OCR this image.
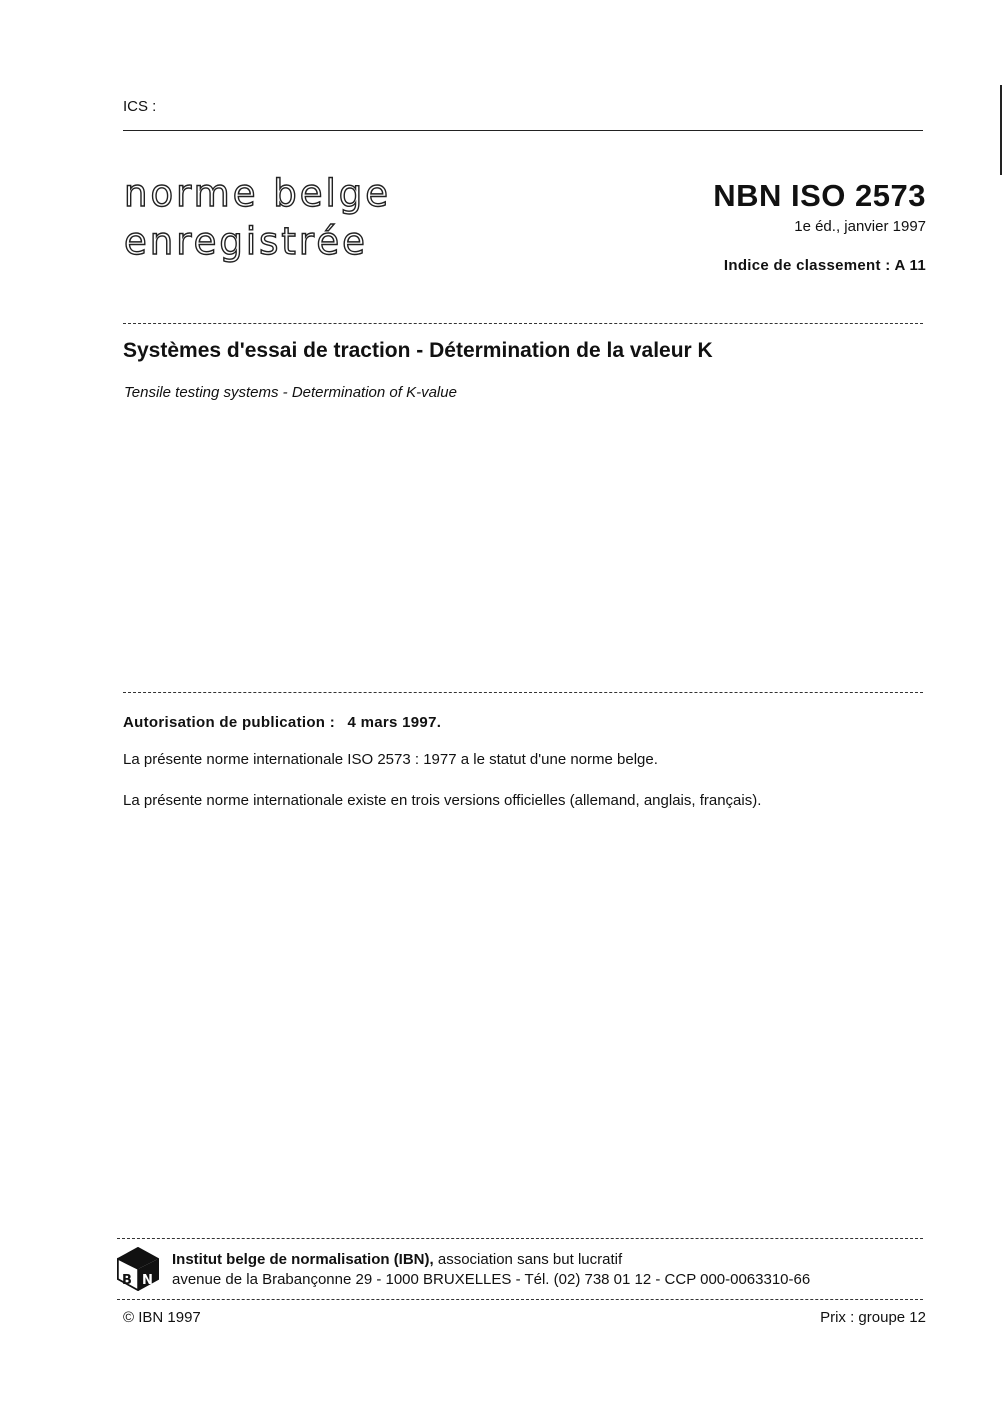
ICS :
norme belge
enregistrée
NBN ISO 2573
1e éd., janvier 1997
Indice de classement : A 11
Systèmes d'essai de traction - Détermination de la valeur K
Tensile testing systems - Determination of K-value
Autorisation de publication : 4 mars 1997.
La présente norme internationale ISO 2573 : 1977 a le statut d'une norme belge.
La présente norme internationale existe en trois versions officielles (allemand, anglais, français).
B N
Institut belge de normalisation (IBN), association sans but lucratif
avenue de la Brabançonne 29 - 1000 BRUXELLES - Tél. (02) 738 01 12 - CCP 000-0063310-66
© IBN 1997	Prix : groupe 12
